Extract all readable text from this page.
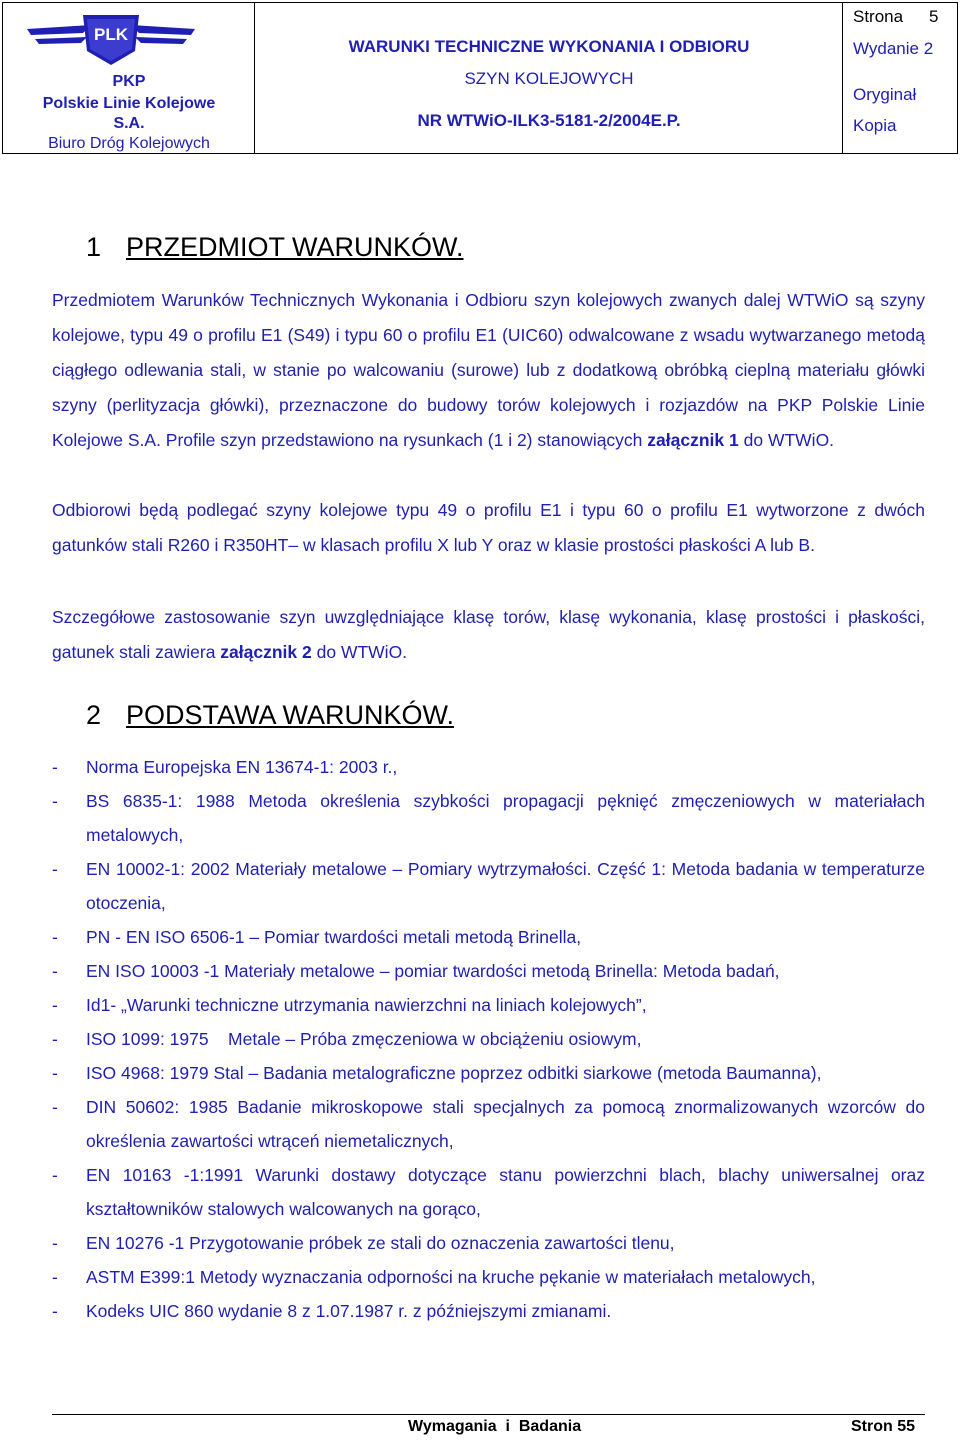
PLK
PKP
Polskie Linie Kolejowe
S.A.
Biuro Dróg Kolejowych
WARUNKI TECHNICZNE WYKONANIA I ODBIORU
SZYN KOLEJOWYCH
NR WTWiO-ILK3-5181-2/2004E.P.
Strona 5
Wydanie 2
Oryginał
Kopia
1 PRZEDMIOT WARUNKÓW.
Przedmiotem Warunków Technicznych Wykonania i Odbioru szyn kolejowych zwanych dalej WTWiO są szyny kolejowe, typu 49 o profilu E1 (S49) i typu 60 o profilu E1 (UIC60) odwalcowane z wsadu wytwarzanego metodą ciągłego odlewania stali, w stanie po walcowaniu (surowe) lub z dodatkową obróbką cieplną materiału główki szyny (perlityzacja główki), przeznaczone do budowy torów kolejowych i rozjazdów na PKP Polskie Linie Kolejowe S.A. Profile szyn przedstawiono na rysunkach (1 i 2) stanowiących załącznik 1 do WTWiO.
Odbiorowi będą podlegać szyny kolejowe typu 49 o profilu E1 i typu 60 o profilu E1 wytworzone z dwóch gatunków stali R260 i R350HT– w klasach profilu X lub Y oraz w klasie prostości płaskości A lub B.
Szczegółowe zastosowanie szyn uwzględniające klasę torów, klasę wykonania, klasę prostości i płaskości, gatunek stali zawiera załącznik 2 do WTWiO.
2 PODSTAWA WARUNKÓW.
- Norma Europejska EN 13674-1: 2003 r.,
- BS 6835-1: 1988 Metoda określenia szybkości propagacji pęknięć zmęczeniowych w materiałach metalowych,
- EN 10002-1: 2002 Materiały metalowe – Pomiary wytrzymałości. Część 1: Metoda badania w temperaturze otoczenia,
- PN - EN ISO 6506-1 – Pomiar twardości metali metodą Brinella,
- EN ISO 10003 -1 Materiały metalowe – pomiar twardości metodą Brinella: Metoda badań,
- Id1- „Warunki techniczne utrzymania nawierzchni na liniach kolejowych”,
- ISO 1099: 1975    Metale – Próba zmęczeniowa w obciążeniu osiowym,
- ISO 4968: 1979 Stal – Badania metalograficzne poprzez odbitki siarkowe (metoda Baumanna),
- DIN 50602: 1985 Badanie mikroskopowe stali specjalnych za pomocą znormalizowanych wzorców do określenia zawartości wtrąceń niemetalicznych,
- EN 10163 -1:1991 Warunki dostawy dotyczące stanu powierzchni blach, blachy uniwersalnej oraz kształtowników stalowych walcowanych na gorąco,
- EN 10276 -1 Przygotowanie próbek ze stali do oznaczenia zawartości tlenu,
- ASTM E399:1 Metody wyznaczania odporności na kruche pękanie w materiałach metalowych,
- Kodeks UIC 860 wydanie 8 z 1.07.1987 r. z późniejszymi zmianami.
Wymagania  i  Badania	Stron 55
